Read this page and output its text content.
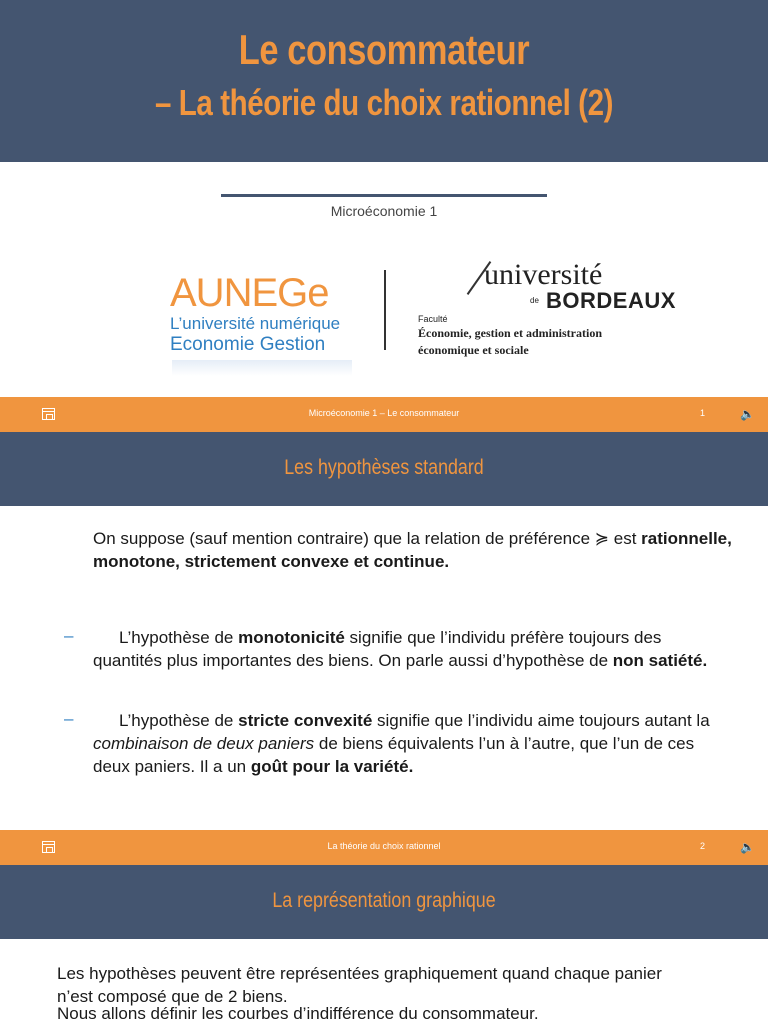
Le consommateur
– La théorie du choix rationnel (2)
Microéconomie 1
AUNEGe
L’université numérique
Economie Gestion
université
de BORDEAUX
Faculté
Économie, gestion et administration
économique et sociale
Microéconomie 1 – Le consommateur	1	🔈
Les hypothèses standard
On suppose (sauf mention contraire) que la relation de préférence ≽ est rationnelle, monotone, strictement convexe et continue.
–	L’hypothèse de monotonicité signifie que l’individu préfère toujours des quantités plus importantes des biens. On parle aussi d’hypothèse de non satiété.
–	L’hypothèse de stricte convexité signifie que l’individu aime toujours autant la combinaison de deux paniers de biens équivalents l’un à l’autre, que l’un de ces deux paniers. Il a un goût pour la variété.
La théorie du choix rationnel	2	🔈
La représentation graphique
Les hypothèses peuvent être représentées graphiquement quand chaque panier n’est composé que de 2 biens.
Nous allons définir les courbes d’indifférence du consommateur.
